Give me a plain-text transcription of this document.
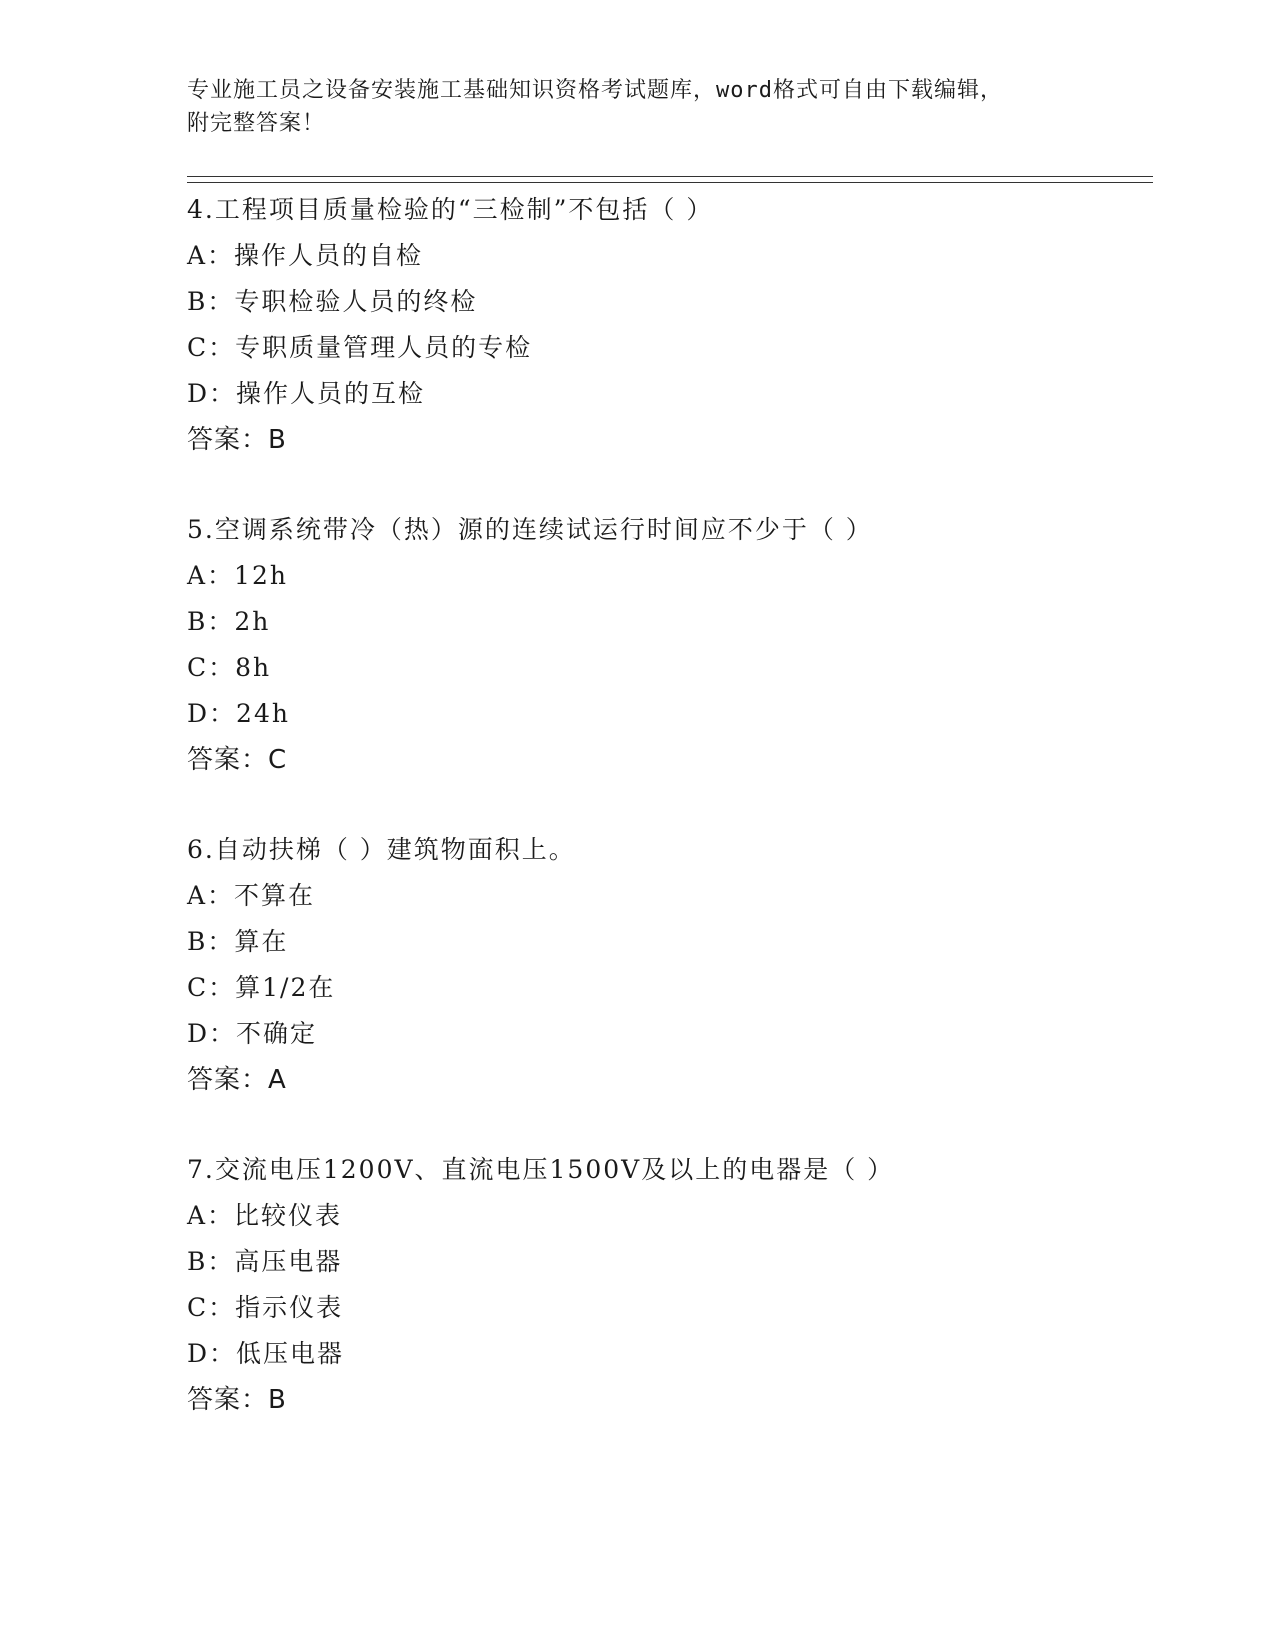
专业施工员之设备安装施工基础知识资格考试题库，word格式可自由下载编辑，
附完整答案！
4.工程项目质量检验的“三检制”不包括（ ）
A：操作人员的自检
B：专职检验人员的终检
C：专职质量管理人员的专检
D：操作人员的互检
答案：B
5.空调系统带冷（热）源的连续试运行时间应不少于（ ）
A：12h
B：2h
C：8h
D：24h
答案：C
6.自动扶梯（ ）建筑物面积上。
A：不算在
B：算在
C：算1/2在
D：不确定
答案：A
7.交流电压1200V、直流电压1500V及以上的电器是（ ）
A：比较仪表
B：高压电器
C：指示仪表
D：低压电器
答案：B
